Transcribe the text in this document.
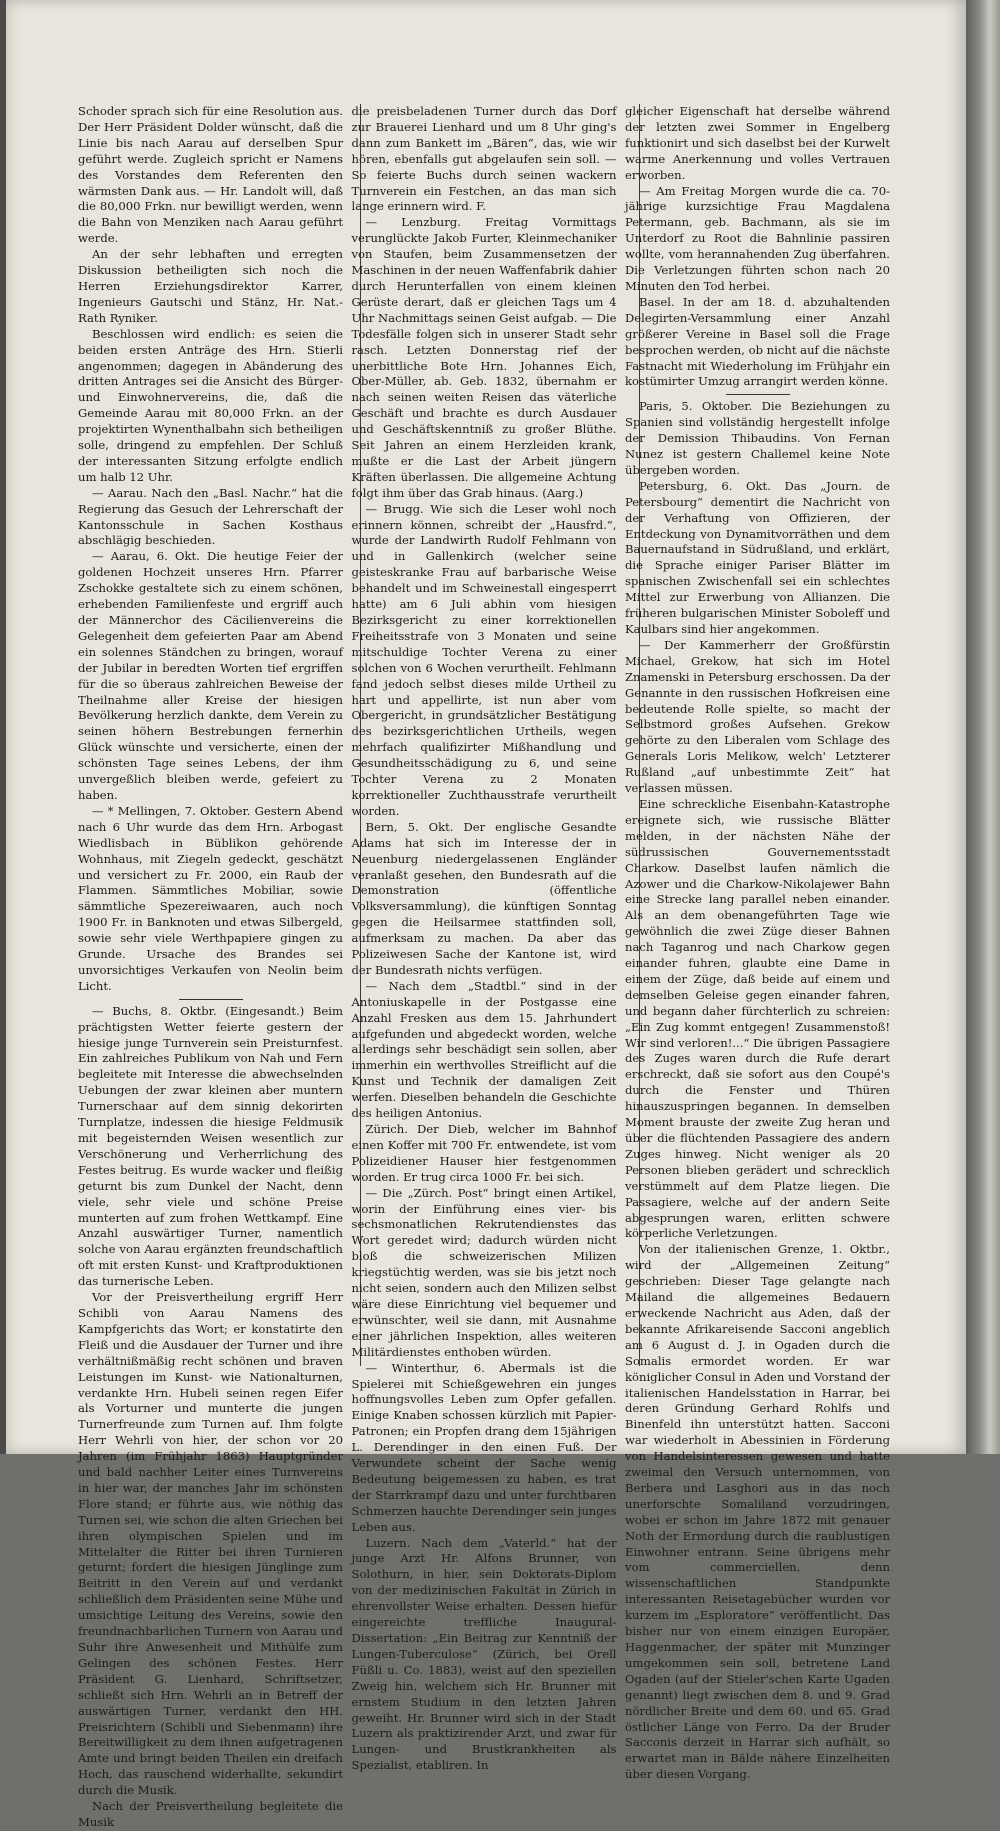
Schoder sprach sich für eine Resolution aus. Der Herr Präsident Dolder wünscht, daß die Linie bis nach Aarau auf derselben Spur geführt werde. Zugleich spricht er Namens des Vorstandes dem Referenten den wärmsten Dank aus. — Hr. Landolt will, daß die 80,000 Frkn. nur bewilligt werden, wenn die Bahn von Menziken nach Aarau geführt werde.

An der sehr lebhaften und erregten Diskussion betheiligten sich noch die Herren Erziehungsdirektor Karrer, Ingenieurs Gautschi und Stänz, Hr. Nat.-Rath Ryniker.

Beschlossen wird endlich: es seien die beiden ersten Anträge des Hrn. Stierli angenommen; dagegen in Abänderung des dritten Antrages sei die Ansicht des Bürger- und Einwohnervereins, die, daß die Gemeinde Aarau mit 80,000 Frkn. an der projektirten Wynenthalbahn sich betheiligen solle, dringend zu empfehlen. Der Schluß der interessanten Sitzung erfolgte endlich um halb 12 Uhr.

— Aarau. Nach den „Basl. Nachr.“ hat die Regierung das Gesuch der Lehrerschaft der Kantonsschule in Sachen Kosthaus abschlägig beschieden.

— Aarau, 6. Okt. Die heutige Feier der goldenen Hochzeit unseres Hrn. Pfarrer Zschokke gestaltete sich zu einem schönen, erhebenden Familienfeste und ergriff auch der Männerchor des Cäcilienvereins die Gelegenheit dem gefeierten Paar am Abend ein solennes Ständchen zu bringen, worauf der Jubilar in beredten Worten tief ergriffen für die so überaus zahlreichen Beweise der Theilnahme aller Kreise der hiesigen Bevölkerung herzlich dankte, dem Verein zu seinen höhern Bestrebungen fernerhin Glück wünschte und versicherte, einen der schönsten Tage seines Lebens, der ihm unvergeßlich bleiben werde, gefeiert zu haben.

— * Mellingen, 7. Oktober. Gestern Abend nach 6 Uhr wurde das dem Hrn. Arbogast Wiedlisbach in Büblikon gehörende Wohnhaus, mit Ziegeln gedeckt, geschätzt und versichert zu Fr. 2000, ein Raub der Flammen. Sämmtliches Mobiliar, sowie sämmtliche Spezereiwaaren, auch noch 1900 Fr. in Banknoten und etwas Silbergeld, sowie sehr viele Werthpapiere gingen zu Grunde. Ursache des Brandes sei unvorsichtiges Verkaufen von Neolin beim Licht.

— Buchs, 8. Oktbr. (Eingesandt.) Beim prächtigsten Wetter feierte gestern der hiesige junge Turnverein sein Preisturnfest. Ein zahlreiches Publikum von Nah und Fern begleitete mit Interesse die abwechselnden Uebungen der zwar kleinen aber muntern Turnerschaar auf dem sinnig dekorirten Turnplatze, indessen die hiesige Feldmusik mit begeisternden Weisen wesentlich zur Verschönerung und Verherrlichung des Festes beitrug. Es wurde wacker und fleißig geturnt bis zum Dunkel der Nacht, denn viele, sehr viele und schöne Preise munterten auf zum frohen Wettkampf. Eine Anzahl auswärtiger Turner, namentlich solche von Aarau ergänzten freundschaftlich oft mit ersten Kunst- und Kraftproduktionen das turnerische Leben.

Vor der Preisvertheilung ergriff Herr Schibli von Aarau Namens des Kampfgerichts das Wort; er konstatirte den Fleiß und die Ausdauer der Turner und ihre verhältnißmäßig recht schönen und braven Leistungen im Kunst- wie Nationalturnen, verdankte Hrn. Hubeli seinen regen Eifer als Vorturner und munterte die jungen Turnerfreunde zum Turnen auf. Ihm folgte Herr Wehrli von hier, der schon vor 20 Jahren (im Frühjahr 1863) Hauptgründer und bald nachher Leiter eines Turnvereins in hier war, der manches Jahr im schönsten Flore stand; er führte aus, wie nöthig das Turnen sei, wie schon die alten Griechen bei ihren olympischen Spielen und im Mittelalter die Ritter bei ihren Turnieren geturnt; fordert die hiesigen Jünglinge zum Beitritt in den Verein auf und verdankt schließlich dem Präsidenten seine Mühe und umsichtige Leitung des Vereins, sowie den freundnachbarlichen Turnern von Aarau und Suhr ihre Anwesenheit und Mithülfe zum Gelingen des schönen Festes. Herr Präsident G. Lienhard, Schriftsetzer, schließt sich Hrn. Wehrli an in Betreff der auswärtigen Turner, verdankt den HH. Preisrichtern (Schibli und Siebenmann) ihre Bereitwilligkeit zu dem ihnen aufgetragenen Amte und bringt beiden Theilen ein dreifach Hoch, das rauschend widerhallte, sekundirt durch die Musik.

Nach der Preisvertheilung begleitete die Musik

die preisbeladenen Turner durch das Dorf zur Brauerei Lienhard und um 8 Uhr ging's dann zum Bankett im „Bären“, das, wie wir hören, ebenfalls gut abgelaufen sein soll. — So feierte Buchs durch seinen wackern Turnverein ein Festchen, an das man sich lange erinnern wird. F.

— Lenzburg. Freitag Vormittags verunglückte Jakob Furter, Kleinmechaniker von Staufen, beim Zusammensetzen der Maschinen in der neuen Waffenfabrik dahier durch Herunterfallen von einem kleinen Gerüste derart, daß er gleichen Tags um 4 Uhr Nachmittags seinen Geist aufgab. — Die Todesfälle folgen sich in unserer Stadt sehr rasch. Letzten Donnerstag rief der unerbittliche Bote Hrn. Johannes Eich, Ober-Müller, ab. Geb. 1832, übernahm er nach seinen weiten Reisen das väterliche Geschäft und brachte es durch Ausdauer und Geschäftskenntniß zu großer Blüthe. Seit Jahren an einem Herzleiden krank, mußte er die Last der Arbeit jüngern Kräften überlassen. Die allgemeine Achtung folgt ihm über das Grab hinaus. (Aarg.)

— Brugg. Wie sich die Leser wohl noch erinnern können, schreibt der „Hausfrd.“, wurde der Landwirth Rudolf Fehlmann von und in Gallenkirch (welcher seine geisteskranke Frau auf barbarische Weise behandelt und im Schweinestall eingesperrt hatte) am 6 Juli abhin vom hiesigen Bezirksgericht zu einer korrektionellen Freiheitsstrafe von 3 Monaten und seine mitschuldige Tochter Verena zu einer solchen von 6 Wochen verurtheilt. Fehlmann fand jedoch selbst dieses milde Urtheil zu hart und appellirte, ist nun aber vom Obergericht, in grundsätzlicher Bestätigung des bezirksgerichtlichen Urtheils, wegen mehrfach qualifizirter Mißhandlung und Gesundheitsschädigung zu 6, und seine Tochter Verena zu 2 Monaten korrektioneller Zuchthausstrafe verurtheilt worden.

Bern, 5. Okt. Der englische Gesandte Adams hat sich im Interesse der in Neuenburg niedergelassenen Engländer veranlaßt gesehen, den Bundesrath auf die Demonstration (öffentliche Volksversammlung), die künftigen Sonntag gegen die Heilsarmee stattfinden soll, aufmerksam zu machen. Da aber das Polizeiwesen Sache der Kantone ist, wird der Bundesrath nichts verfügen.

— Nach dem „Stadtbl.“ sind in der Antoniuskapelle in der Postgasse eine Anzahl Fresken aus dem 15. Jahrhundert aufgefunden und abgedeckt worden, welche allerdings sehr beschädigt sein sollen, aber immerhin ein werthvolles Streiflicht auf die Kunst und Technik der damaligen Zeit werfen. Dieselben behandeln die Geschichte des heiligen Antonius.

Zürich. Der Dieb, welcher im Bahnhof einen Koffer mit 700 Fr. entwendete, ist vom Polizeidiener Hauser hier festgenommen worden. Er trug circa 1000 Fr. bei sich.

— Die „Zürch. Post“ bringt einen Artikel, worin der Einführung eines vier- bis sechsmonatlichen Rekrutendienstes das Wort geredet wird; dadurch würden nicht bloß die schweizerischen Milizen kriegstüchtig werden, was sie bis jetzt noch nicht seien, sondern auch den Milizen selbst wäre diese Einrichtung viel bequemer und erwünschter, weil sie dann, mit Ausnahme einer jährlichen Inspektion, alles weiteren Militärdienstes enthoben würden.

— Winterthur, 6. Abermals ist die Spielerei mit Schießgewehren ein junges hoffnungsvolles Leben zum Opfer gefallen. Einige Knaben schossen kürzlich mit Papier-Patronen; ein Propfen drang dem 15jährigen L. Derendinger in den einen Fuß. Der Verwundete scheint der Sache wenig Bedeutung beigemessen zu haben, es trat der Starrkrampf dazu und unter furchtbaren Schmerzen hauchte Derendinger sein junges Leben aus.

Luzern. Nach dem „Vaterld.“ hat der junge Arzt Hr. Alfons Brunner, von Solothurn, in hier, sein Doktorats-Diplom von der medizinischen Fakultät in Zürich in ehrenvollster Weise erhalten. Dessen hiefür eingereichte treffliche Inaugural-Dissertation: „Ein Beitrag zur Kenntniß der Lungen-Tuberculose“ (Zürich, bei Orell Füßli u. Co. 1883), weist auf den speziellen Zweig hin, welchem sich Hr. Brunner mit ernstem Studium in den letzten Jahren geweiht. Hr. Brunner wird sich in der Stadt Luzern als praktizirender Arzt, und zwar für Lungen- und Brustkrankheiten als Spezialist, etabliren. In

gleicher Eigenschaft hat derselbe während der letzten zwei Sommer in Engelberg funktionirt und sich daselbst bei der Kurwelt warme Anerkennung und volles Vertrauen erworben.

— Am Freitag Morgen wurde die ca. 70-jährige kurzsichtige Frau Magdalena Petermann, geb. Bachmann, als sie im Unterdorf zu Root die Bahnlinie passiren wollte, vom herannahenden Zug überfahren. Die Verletzungen führten schon nach 20 Minuten den Tod herbei.

Basel. In der am 18. d. abzuhaltenden Delegirten-Versammlung einer Anzahl größerer Vereine in Basel soll die Frage besprochen werden, ob nicht auf die nächste Fastnacht mit Wiederholung im Frühjahr ein kostümirter Umzug arrangirt werden könne.

Paris, 5. Oktober. Die Beziehungen zu Spanien sind vollständig hergestellt infolge der Demission Thibaudins. Von Fernan Nunez ist gestern Challemel keine Note übergeben worden.

Petersburg, 6. Okt. Das „Journ. de Petersbourg“ dementirt die Nachricht von der Verhaftung von Offizieren, der Entdeckung von Dynamitvorräthen und dem Bauernaufstand in Südrußland, und erklärt, die Sprache einiger Pariser Blätter im spanischen Zwischenfall sei ein schlechtes Mittel zur Erwerbung von Allianzen. Die früheren bulgarischen Minister Soboleff und Kaulbars sind hier angekommen.

— Der Kammerherr der Großfürstin Michael, Grekow, hat sich im Hotel Znamenski in Petersburg erschossen. Da der Genannte in den russischen Hofkreisen eine bedeutende Rolle spielte, so macht der Selbstmord großes Aufsehen. Grekow gehörte zu den Liberalen vom Schlage des Generals Loris Melikow, welch' Letzterer Rußland „auf unbestimmte Zeit“ hat verlassen müssen.

Eine schreckliche Eisenbahn-Katastrophe ereignete sich, wie russische Blätter melden, in der nächsten Nähe der südrussischen Gouvernementsstadt Charkow. Daselbst laufen nämlich die Azower und die Charkow-Nikolajewer Bahn eine Strecke lang parallel neben einander. Als an dem obenangeführten Tage wie gewöhnlich die zwei Züge dieser Bahnen nach Taganrog und nach Charkow gegen einander fuhren, glaubte eine Dame in einem der Züge, daß beide auf einem und demselben Geleise gegen einander fahren, und begann daher fürchterlich zu schreien: „Ein Zug kommt entgegen! Zusammenstoß! Wir sind verloren!...“ Die übrigen Passagiere des Zuges waren durch die Rufe derart erschreckt, daß sie sofort aus den Coupé's durch die Fenster und Thüren hinauszuspringen begannen. In demselben Moment brauste der zweite Zug heran und über die flüchtenden Passagiere des andern Zuges hinweg. Nicht weniger als 20 Personen blieben gerädert und schrecklich verstümmelt auf dem Platze liegen. Die Passagiere, welche auf der andern Seite abgesprungen waren, erlitten schwere körperliche Verletzungen.

Von der italienischen Grenze, 1. Oktbr., wird der „Allgemeinen Zeitung“ geschrieben: Dieser Tage gelangte nach Mailand die allgemeines Bedauern erweckende Nachricht aus Aden, daß der bekannte Afrikareisende Sacconi angeblich am 6 August d. J. in Ogaden durch die Somalis ermordet worden. Er war königlicher Consul in Aden und Vorstand der italienischen Handelsstation in Harrar, bei deren Gründung Gerhard Rohlfs und Binenfeld ihn unterstützt hatten. Sacconi war wiederholt in Abessinien in Förderung von Handelsinteressen gewesen und hatte zweimal den Versuch unternommen, von Berbera und Lasghori aus in das noch unerforschte Somaliland vorzudringen, wobei er schon im Jahre 1872 mit genauer Noth der Ermordung durch die raublustigen Einwohner entrann. Seine übrigens mehr vom commerciellen, denn wissenschaftlichen Standpunkte interessanten Reisetagebücher wurden vor kurzem im „Esploratore“ veröffentlicht. Das bisher nur von einem einzigen Europäer, Haggenmacher, der später mit Munzinger umgekommen sein soll, betretene Land Ogaden (auf der Stieler'schen Karte Ugaden genannt) liegt zwischen dem 8. und 9. Grad nördlicher Breite und dem 60. und 65. Grad östlicher Länge von Ferro. Da der Bruder Sacconis derzeit in Harrar sich aufhält, so erwartet man in Bälde nähere Einzelheiten über diesen Vorgang.
